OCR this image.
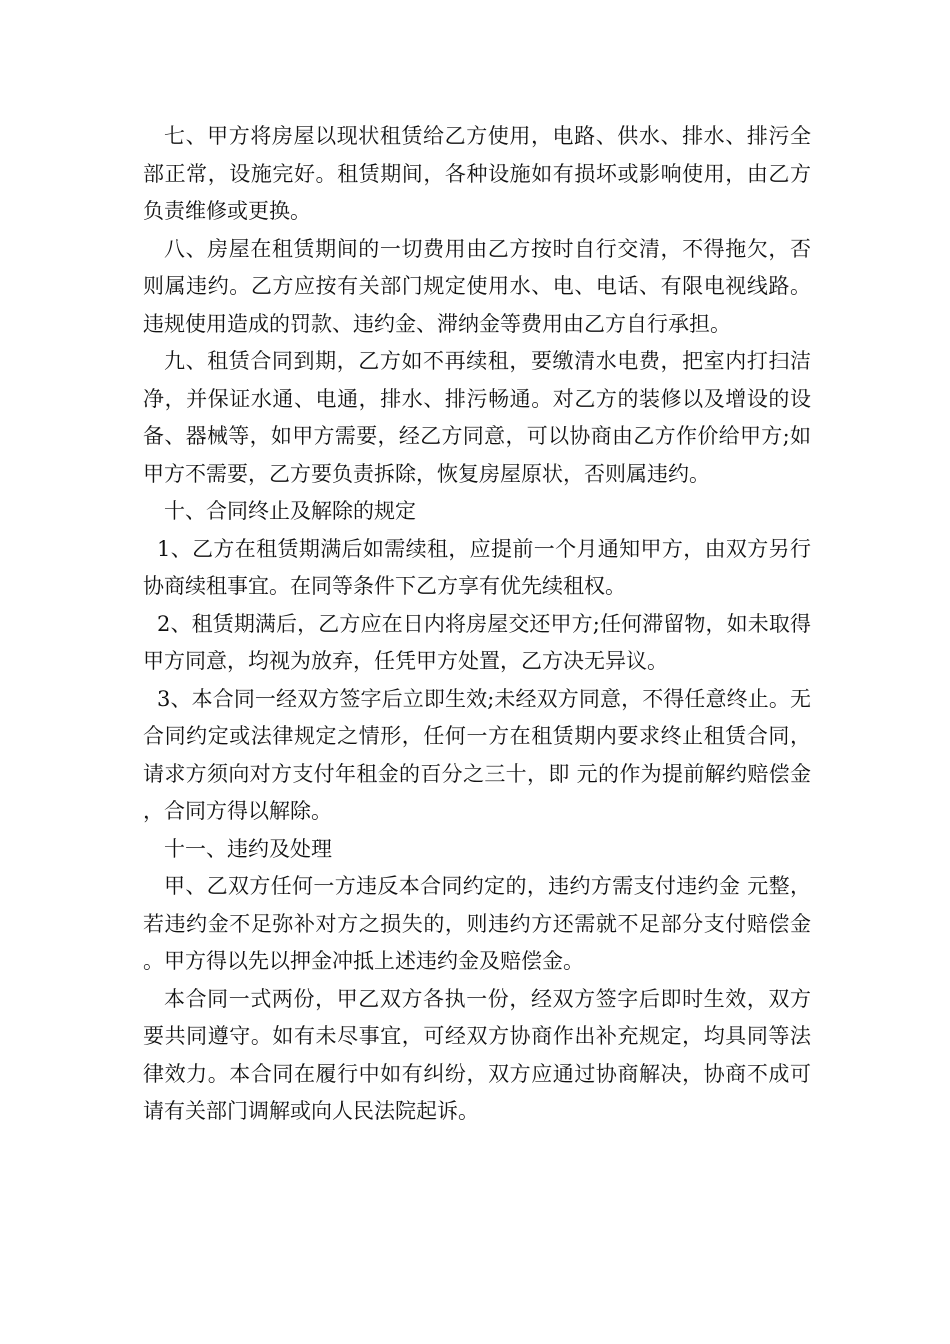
七、甲方将房屋以现状租赁给乙方使用，电路、供水、排水、排污全部正常，设施完好。租赁期间，各种设施如有损坏或影响使用，由乙方负责维修或更换。

八、房屋在租赁期间的一切费用由乙方按时自行交清，不得拖欠，否则属违约。乙方应按有关部门规定使用水、电、电话、有限电视线路。违规使用造成的罚款、违约金、滞纳金等费用由乙方自行承担。

九、租赁合同到期，乙方如不再续租，要缴清水电费，把室内打扫洁净，并保证水通、电通，排水、排污畅通。对乙方的装修以及增设的设备、器械等，如甲方需要，经乙方同意，可以协商由乙方作价给甲方;如甲方不需要，乙方要负责拆除，恢复房屋原状，否则属违约。

十、合同终止及解除的规定

1、乙方在租赁期满后如需续租，应提前一个月通知甲方，由双方另行协商续租事宜。在同等条件下乙方享有优先续租权。

2、租赁期满后，乙方应在日内将房屋交还甲方;任何滞留物，如未取得甲方同意，均视为放弃，任凭甲方处置，乙方决无异议。

3、本合同一经双方签字后立即生效;未经双方同意，不得任意终止。无合同约定或法律规定之情形，任何一方在租赁期内要求终止租赁合同，请求方须向对方支付年租金的百分之三十，即 元的作为提前解约赔偿金，合同方得以解除。

十一、违约及处理

甲、乙双方任何一方违反本合同约定的，违约方需支付违约金 元整，若违约金不足弥补对方之损失的，则违约方还需就不足部分支付赔偿金。甲方得以先以押金冲抵上述违约金及赔偿金。

本合同一式两份，甲乙双方各执一份，经双方签字后即时生效，双方要共同遵守。如有未尽事宜，可经双方协商作出补充规定，均具同等法律效力。本合同在履行中如有纠纷，双方应通过协商解决，协商不成可请有关部门调解或向人民法院起诉。
